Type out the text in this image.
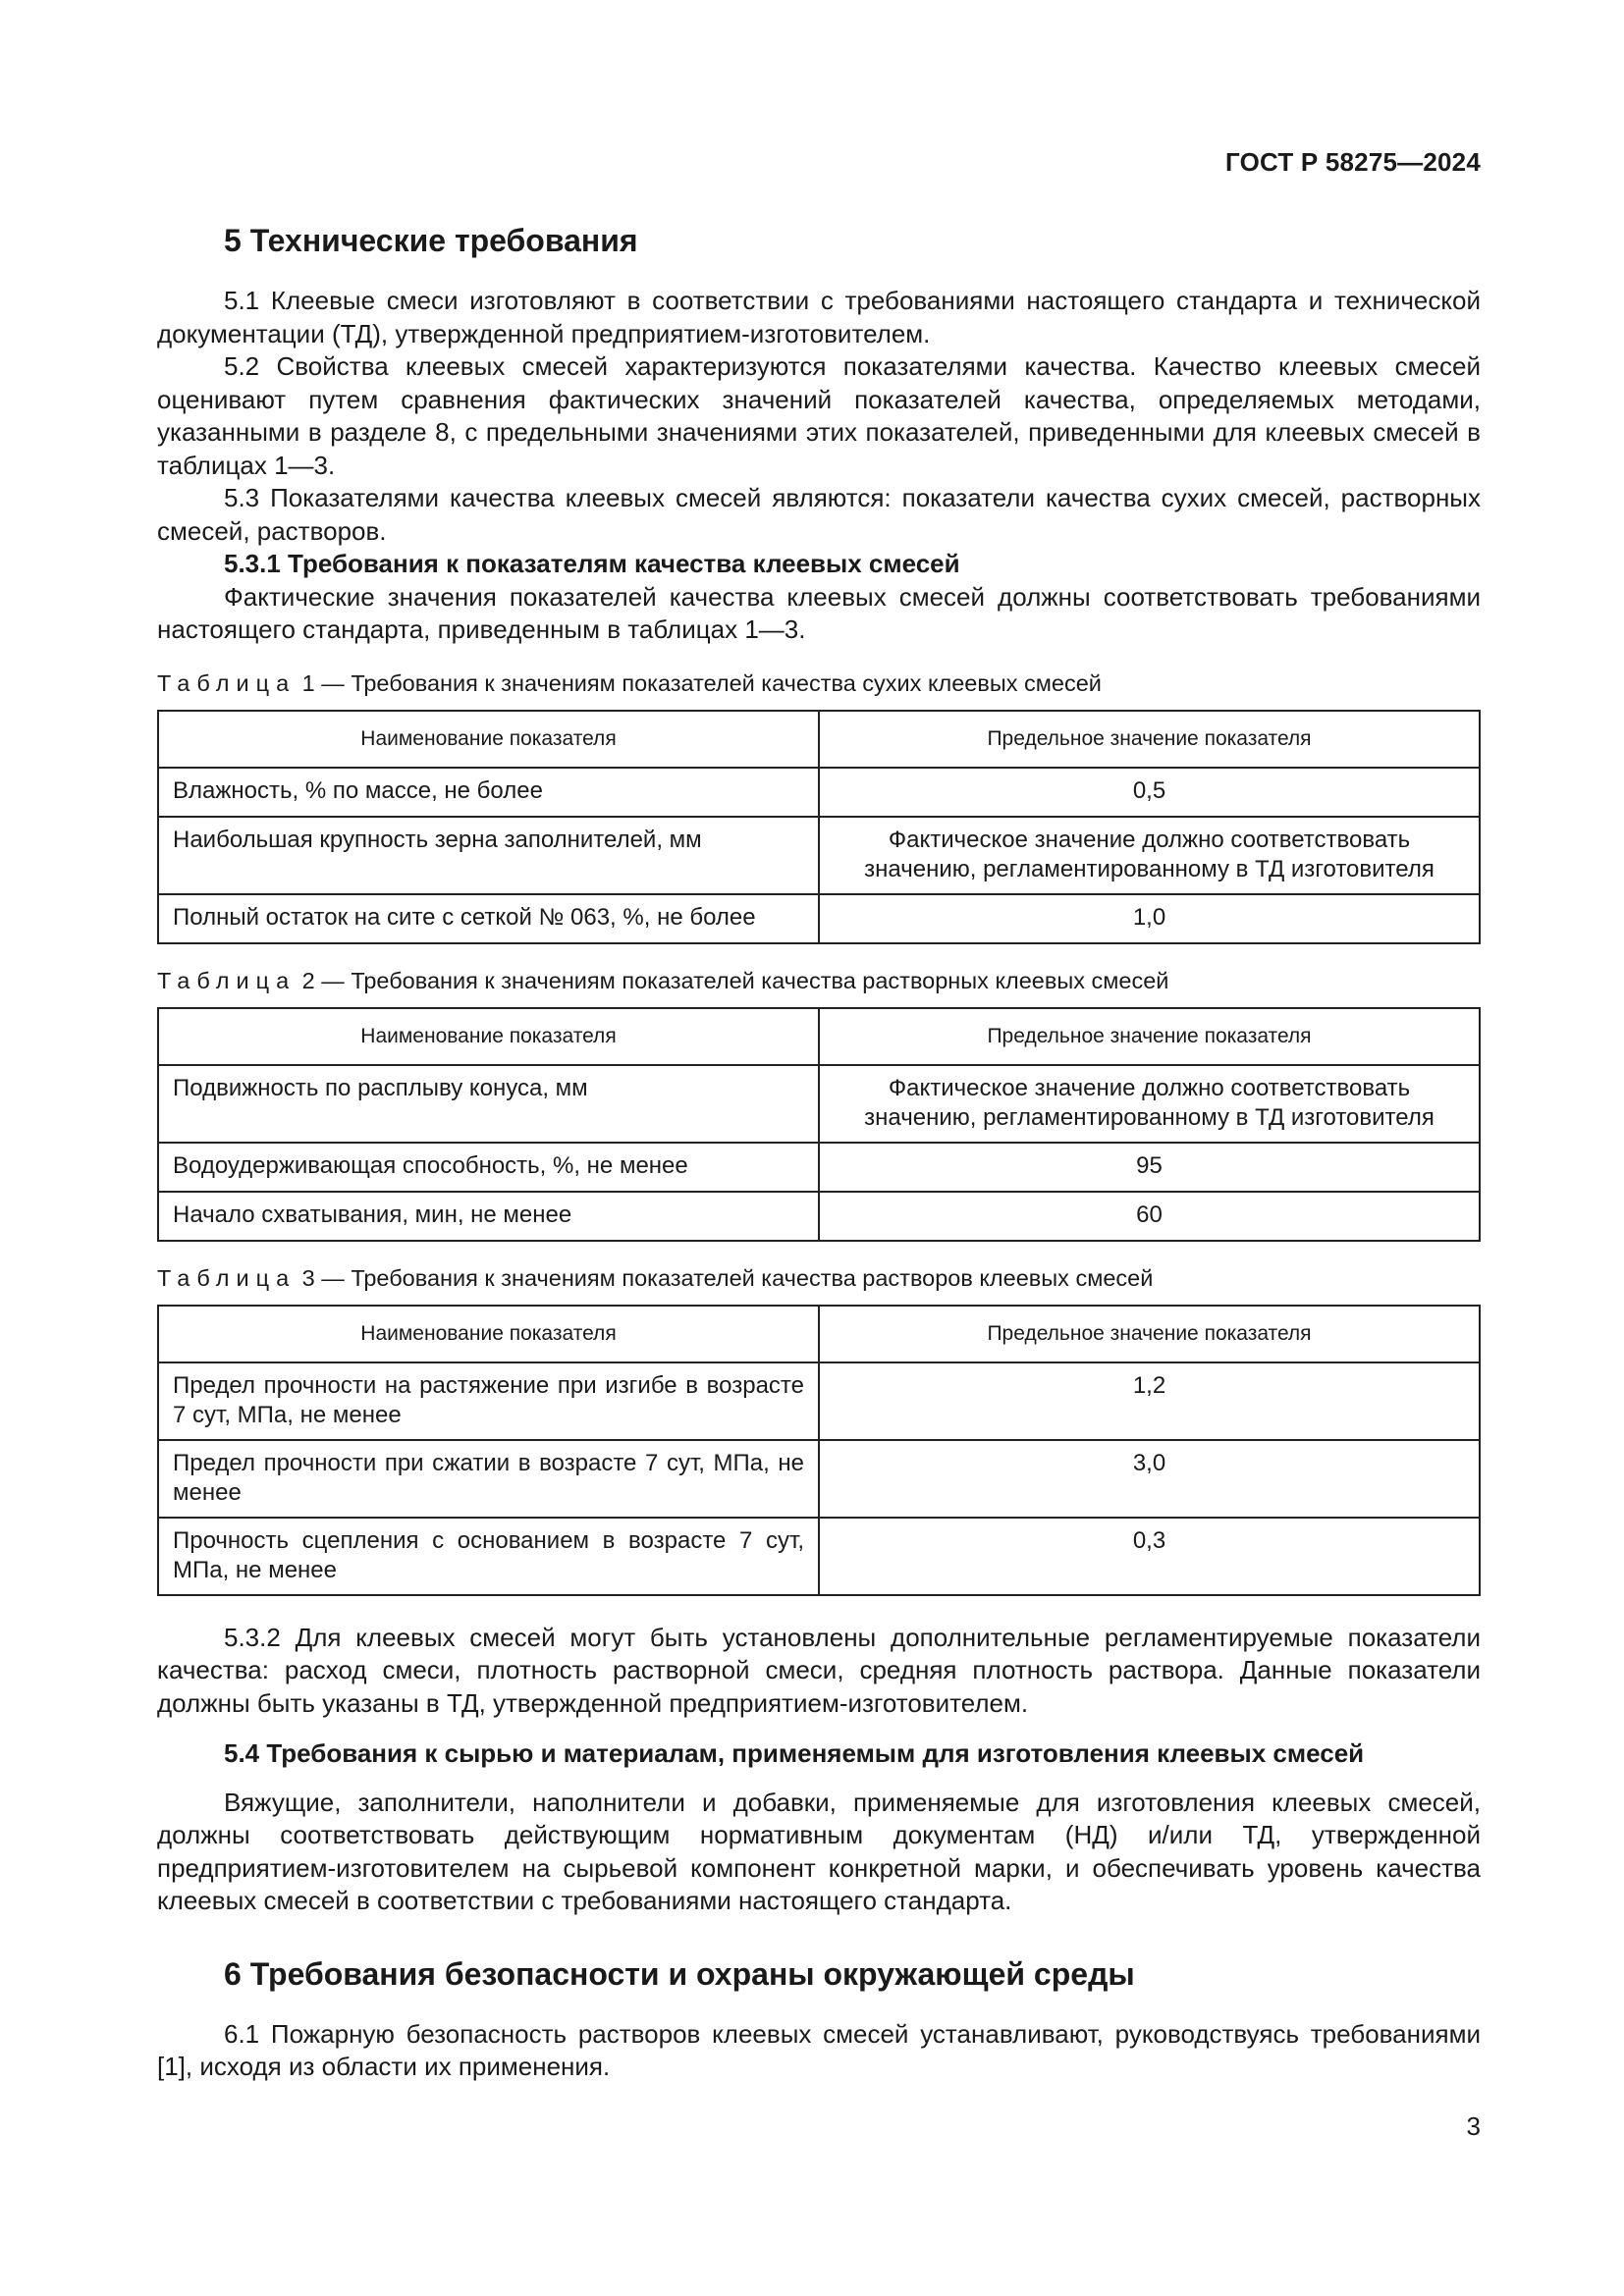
ГОСТ Р 58275—2024
5 Технические требования

5.1 Клеевые смеси изготовляют в соответствии с требованиями настоящего стандарта и технической документации (ТД), утвержденной предприятием-изготовителем.

5.2 Свойства клеевых смесей характеризуются показателями качества. Качество клеевых смесей оценивают путем сравнения фактических значений показателей качества, определяемых методами, указанными в разделе 8, с предельными значениями этих показателей, приведенными для клеевых смесей в таблицах 1—3.

5.3 Показателями качества клеевых смесей являются: показатели качества сухих смесей, растворных смесей, растворов.

5.3.1 Требования к показателям качества клеевых смесей

Фактические значения показателей качества клеевых смесей должны соответствовать требованиями настоящего стандарта, приведенным в таблицах 1—3.

Таблица 1 — Требования к значениям показателей качества сухих клеевых смесей
Наименование показателя	Предельное значение показателя
Влажность, % по массе, не более	0,5
Наибольшая крупность зерна заполнителей, мм	Фактическое значение должно соответствовать значению, регламентированному в ТД изготовителя
Полный остаток на сите с сеткой № 063, %, не более	1,0
Таблица 2 — Требования к значениям показателей качества растворных клеевых смесей
Наименование показателя	Предельное значение показателя
Подвижность по расплыву конуса, мм	Фактическое значение должно соответствовать значению, регламентированному в ТД изготовителя
Водоудерживающая способность, %, не менее	95
Начало схватывания, мин, не менее	60
Таблица 3 — Требования к значениям показателей качества растворов клеевых смесей
Наименование показателя	Предельное значение показателя
Предел прочности на растяжение при изгибе в возрасте 7 сут, МПа, не менее	1,2
Предел прочности при сжатии в возрасте 7 сут, МПа, не менее	3,0
Прочность сцепления с основанием в возрасте 7 сут, МПа, не менее	0,3

5.3.2 Для клеевых смесей могут быть установлены дополнительные регламентируемые показатели качества: расход смеси, плотность растворной смеси, средняя плотность раствора. Данные показатели должны быть указаны в ТД, утвержденной предприятием-изготовителем.

5.4 Требования к сырью и материалам, применяемым для изготовления клеевых смесей

Вяжущие, заполнители, наполнители и добавки, применяемые для изготовления клеевых смесей, должны соответствовать действующим нормативным документам (НД) и/или ТД, утвержденной предприятием-изготовителем на сырьевой компонент конкретной марки, и обеспечивать уровень качества клеевых смесей в соответствии с требованиями настоящего стандарта.

6 Требования безопасности и охраны окружающей среды

6.1 Пожарную безопасность растворов клеевых смесей устанавливают, руководствуясь требованиями [1], исходя из области их применения.

3
